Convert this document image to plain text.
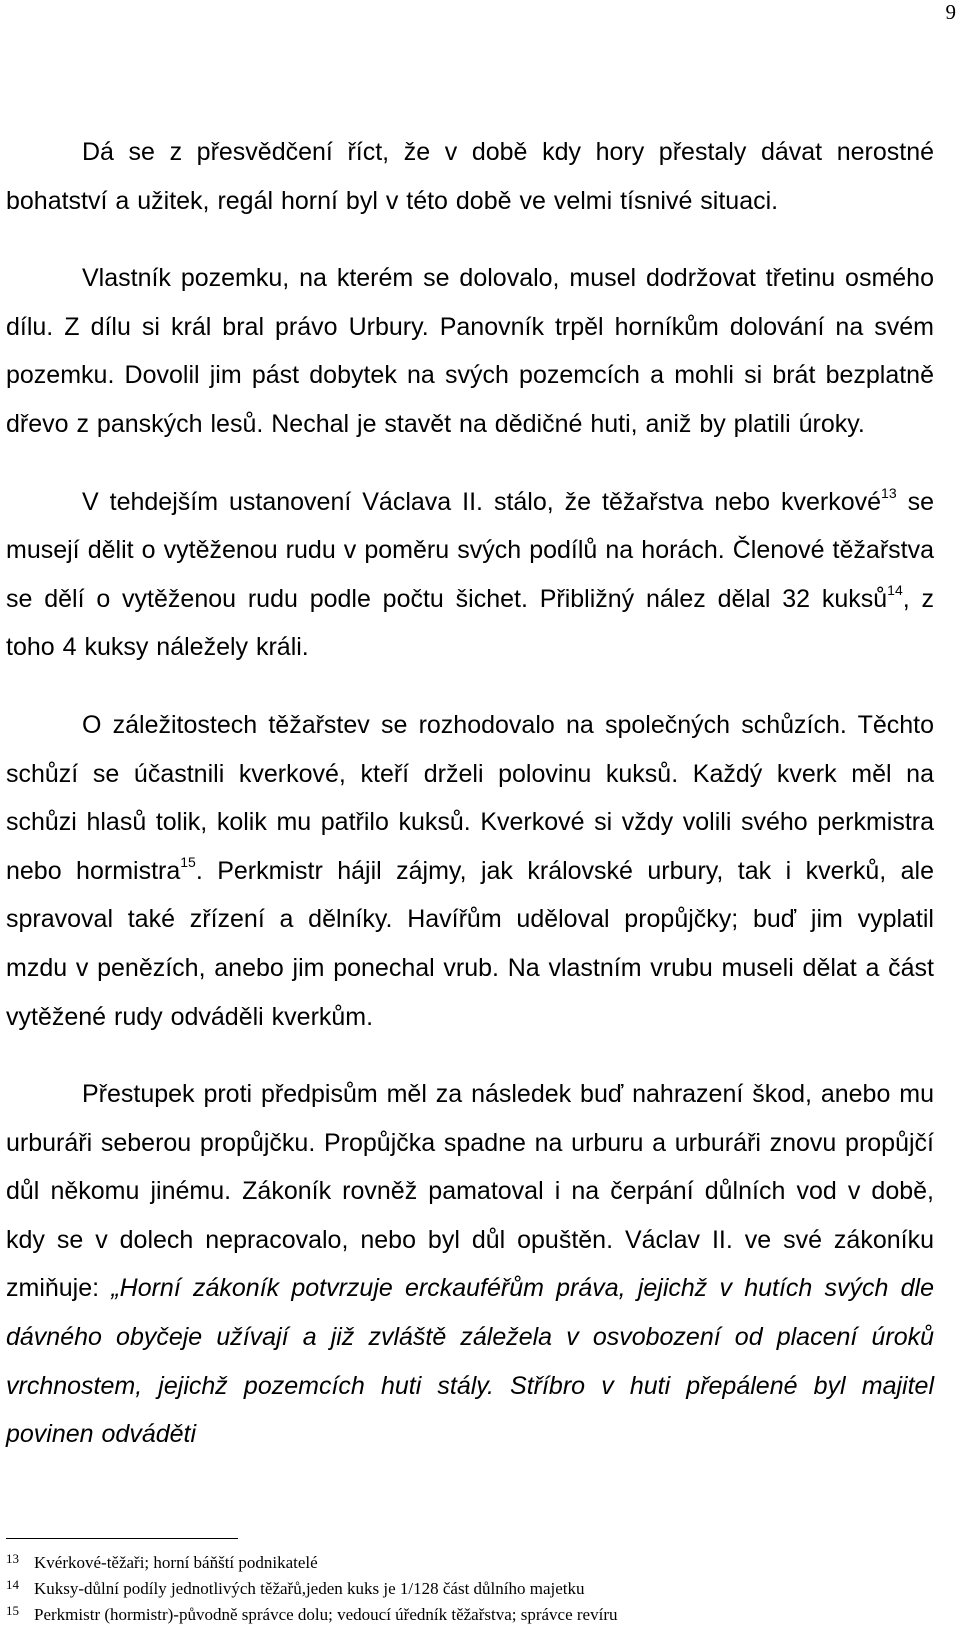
9

Dá se z přesvědčení říct, že v době kdy hory přestaly dávat nerostné bohatství a užitek, regál horní byl v této době ve velmi tísnivé situaci.

Vlastník pozemku, na kterém se dolovalo, musel dodržovat třetinu osmého dílu. Z dílu si král bral právo Urbury. Panovník trpěl horníkům dolování na svém pozemku. Dovolil jim pást dobytek na svých pozemcích a mohli si brát bezplatně dřevo z panských lesů. Nechal je stavět na dědičné huti, aniž by platili úroky.

V tehdejším ustanovení Václava II. stálo, že těžařstva nebo kverkové$^{13}$ se musejí dělit o vytěženou rudu v poměru svých podílů na horách. Členové těžařstva se dělí o vytěženou rudu podle počtu šichet. Přibližný nález dělal 32 kuksů$^{14}$, z toho 4 kuksy náležely králi.

O záležitostech těžařstev se rozhodovalo na společných schůzích. Těchto schůzí se účastnili kverkové, kteří drželi polovinu kuksů. Každý kverk měl na schůzi hlasů tolik, kolik mu patřilo kuksů. Kverkové si vždy volili svého perkmistra nebo hormistra$^{15}$. Perkmistr hájil zájmy, jak královské urbury, tak i kverků, ale spravoval také zřízení a dělníky. Havířům uděloval propůjčky; buď jim vyplatil mzdu v penězích, anebo jim ponechal vrub. Na vlastním vrubu museli dělat a část vytěžené rudy odváděli kverkům.

Přestupek proti předpisům měl za následek buď nahrazení škod, anebo mu urburáři seberou propůjčku. Propůjčka spadne na urburu a urburáři znovu propůjčí důl někomu jinému. Zákoník rovněž pamatoval i na čerpání důlních vod v době, kdy se v dolech nepracovalo, nebo byl důl opuštěn. Václav II. ve své zákoníku zmiňuje: „Horní zákoník potvrzuje erckauféřům práva, jejichž v hutích svých dle dávného obyčeje užívají a již zvláště záležela v osvobození od placení úroků vrchnostem, jejichž pozemcích huti stály. Stříbro v huti přepálené byl majitel povinen odváděti

13 Kvérkové-těžaři; horní báňští podnikatelé
14 Kuksy-důlní podíly jednotlivých těžařů,jeden kuks je 1/128 část důlního majetku
15 Perkmistr (hormistr)-původně správce dolu; vedoucí úředník těžařstva; správce revíru
